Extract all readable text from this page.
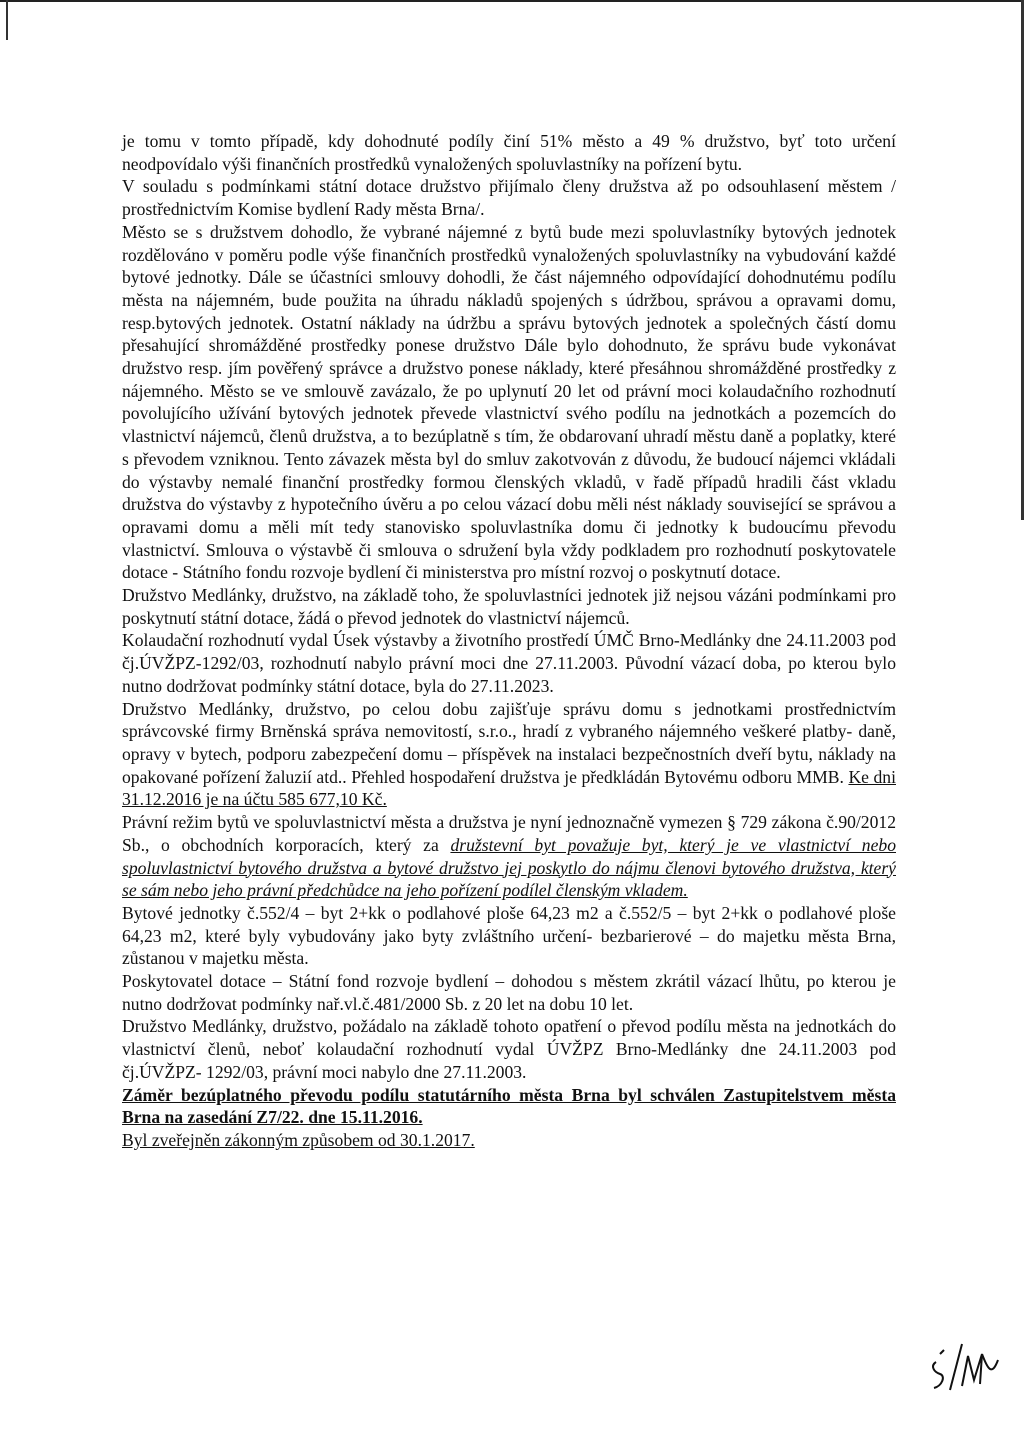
je tomu v tomto případě, kdy dohodnuté podíly činí 51% město a 49 % družstvo, byť toto určení neodpovídalo výši finančních prostředků vynaložených spoluvlastníky na pořízení bytu.

V souladu s podmínkami státní dotace družstvo přijímalo členy družstva až po odsouhlasení městem / prostřednictvím Komise bydlení Rady města Brna/.

Město se s družstvem dohodlo, že vybrané nájemné z bytů bude mezi spoluvlastníky bytových jednotek rozdělováno v poměru podle výše finančních prostředků vynaložených spoluvlastníky na vybudování každé bytové jednotky. Dále se účastníci smlouvy dohodli, že část nájemného odpovídající dohodnutému podílu města na nájemném, bude použita na úhradu nákladů spojených s údržbou, správou a opravami domu, resp.bytových jednotek. Ostatní náklady na údržbu a správu bytových jednotek a společných částí domu přesahující shromážděné prostředky ponese družstvo Dále bylo dohodnuto, že správu bude vykonávat družstvo resp. jím pověřený správce a družstvo ponese náklady, které přesáhnou shromážděné prostředky z nájemného. Město se ve smlouvě zavázalo, že po uplynutí 20 let od právní moci kolaudačního rozhodnutí povolujícího užívání bytových jednotek převede vlastnictví svého podílu na jednotkách a pozemcích do vlastnictví nájemců, členů družstva, a to bezúplatně s tím, že obdarovaní uhradí městu daně a poplatky, které s převodem vzniknou. Tento závazek města byl do smluv zakotvován z důvodu, že budoucí nájemci vkládali do výstavby nemalé finanční prostředky formou členských vkladů, v řadě případů hradili část vkladu družstva do výstavby z hypotečního úvěru a po celou vázací dobu měli nést náklady související se správou a opravami domu a měli mít tedy stanovisko spoluvlastníka domu či jednotky k budoucímu převodu vlastnictví. Smlouva o výstavbě či smlouva o sdružení byla vždy podkladem pro rozhodnutí poskytovatele dotace - Státního fondu rozvoje bydlení či ministerstva pro místní rozvoj o poskytnutí dotace.

Družstvo Medlánky, družstvo, na základě toho, že spoluvlastníci jednotek již nejsou vázáni podmínkami pro poskytnutí státní dotace, žádá o převod jednotek do vlastnictví nájemců.

Kolaudační rozhodnutí vydal Úsek výstavby a životního prostředí ÚMČ Brno-Medlánky dne 24.11.2003 pod čj.ÚVŽPZ-1292/03, rozhodnutí nabylo právní moci dne 27.11.2003. Původní vázací doba, po kterou bylo nutno dodržovat podmínky státní dotace, byla do 27.11.2023.

Družstvo Medlánky, družstvo, po celou dobu zajišťuje správu domu s jednotkami prostřednictvím správcovské firmy Brněnská správa nemovitostí, s.r.o., hradí z vybraného nájemného veškeré platby- daně, opravy v bytech, podporu zabezpečení domu – příspěvek na instalaci bezpečnostních dveří bytu, náklady na opakované pořízení žaluzií atd.. Přehled hospodaření družstva je předkládán Bytovému odboru MMB. Ke dni 31.12.2016 je na účtu 585 677,10 Kč.

Právní režim bytů ve spoluvlastnictví města a družstva je nyní jednoznačně vymezen § 729 zákona č.90/2012 Sb., o obchodních korporacích, který za družstevní byt považuje byt, který je ve vlastnictví nebo spoluvlastnictví bytového družstva a bytové družstvo jej poskytlo do nájmu členovi bytového družstva, který se sám nebo jeho právní předchůdce na jeho pořízení podílel členským vkladem.

Bytové jednotky č.552/4 – byt 2+kk o podlahové ploše 64,23 m2 a č.552/5 – byt 2+kk o podlahové ploše 64,23 m2, které byly vybudovány jako byty zvláštního určení- bezbarierové – do majetku města Brna, zůstanou v majetku města.

Poskytovatel dotace – Státní fond rozvoje bydlení – dohodou s městem zkrátil vázací lhůtu, po kterou je nutno dodržovat podmínky nař.vl.č.481/2000 Sb. z 20 let na dobu 10 let.

Družstvo Medlánky, družstvo, požádalo na základě tohoto opatření o převod podílu města na jednotkách do vlastnictví členů, neboť kolaudační rozhodnutí vydal ÚVŽPZ Brno-Medlánky dne 24.11.2003 pod čj.ÚVŽPZ- 1292/03, právní moci nabylo dne 27.11.2003.

Záměr bezúplatného převodu podílu statutárního města Brna byl schválen Zastupitelstvem města Brna na zasedání Z7/22. dne 15.11.2016.

Byl zveřejněn zákonným způsobem od 30.1.2017.
